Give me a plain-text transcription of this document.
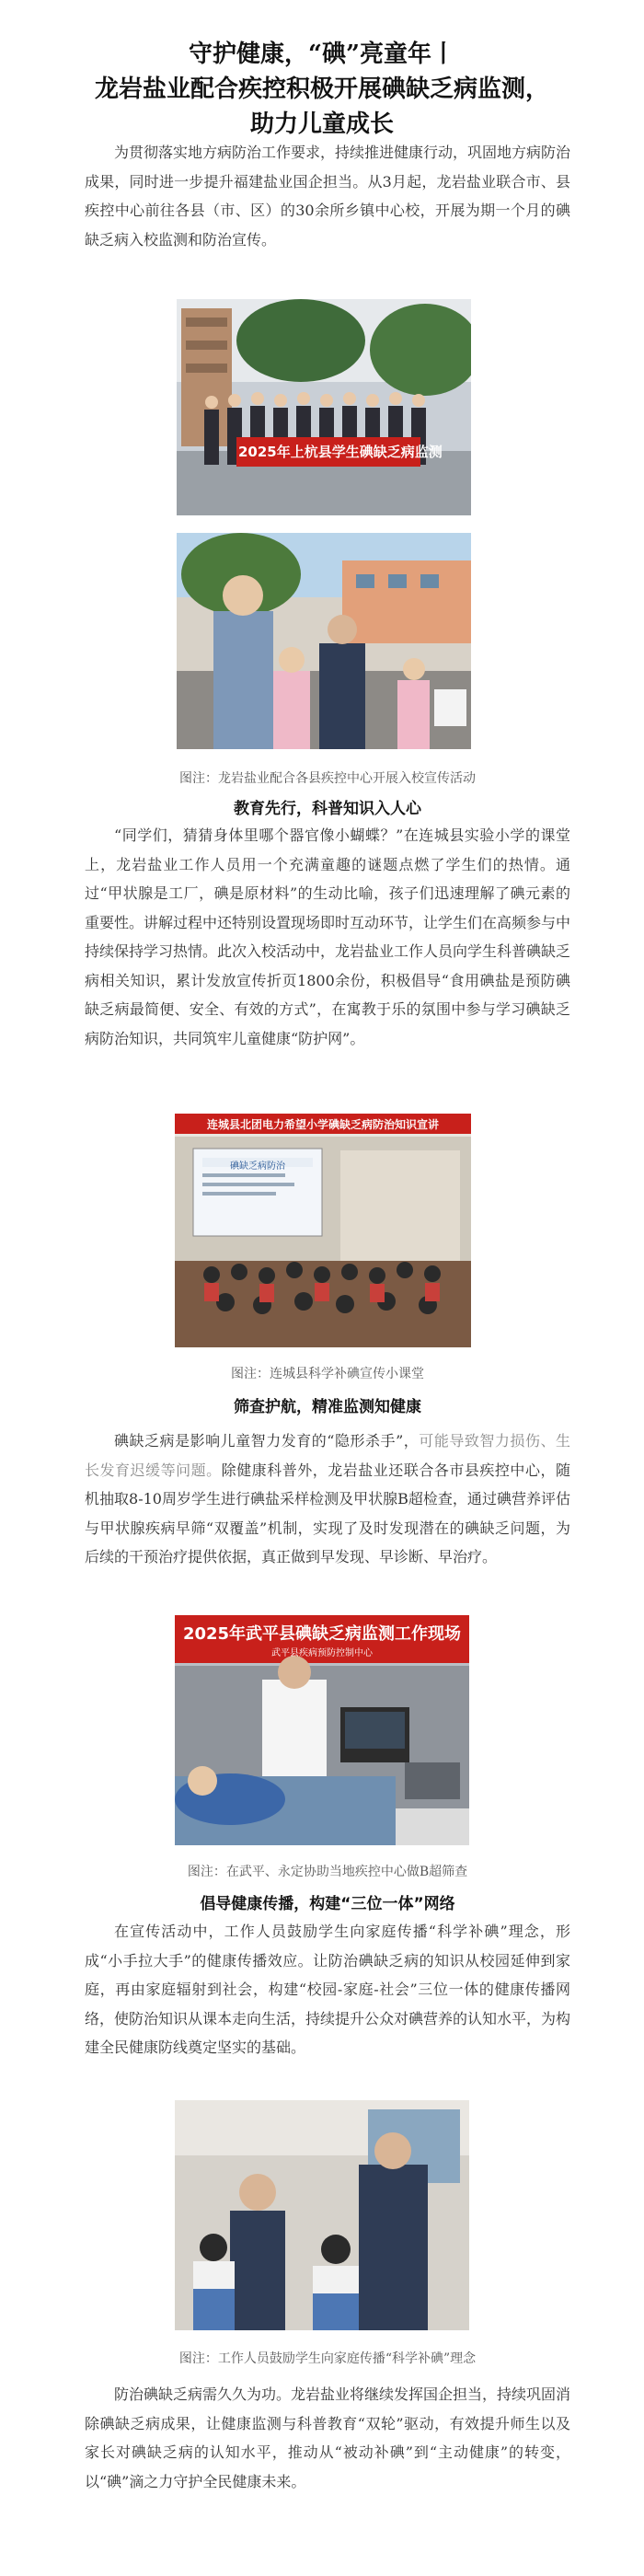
守护健康，“碘”亮童年丨
龙岩盐业配合疾控积极开展碘缺乏病监测，
助力儿童成长

为贯彻落实地方病防治工作要求，持续推进健康行动，巩固地方病防治成果，同时进一步提升福建盐业国企担当。从3月起，龙岩盐业联合市、县疾控中心前往各县（市、区）的30余所乡镇中心校，开展为期一个月的碘缺乏病入校监测和防治宣传。

2025年上杭县学生碘缺乏病监测
图注：龙岩盐业配合各县疾控中心开展入校宣传活动
教育先行，科普知识入人心

“同学们，猜猜身体里哪个器官像小蝴蝶？”在连城县实验小学的课堂上，龙岩盐业工作人员用一个充满童趣的谜题点燃了学生们的热情。通过“甲状腺是工厂，碘是原材料”的生动比喻，孩子们迅速理解了碘元素的重要性。讲解过程中还特别设置现场即时互动环节，让学生们在高频参与中持续保持学习热情。此次入校活动中，龙岩盐业工作人员向学生科普碘缺乏病相关知识，累计发放宣传折页1800余份，积极倡导“食用碘盐是预防碘缺乏病最简便、安全、有效的方式”，在寓教于乐的氛围中参与学习碘缺乏病防治知识，共同筑牢儿童健康“防护网”。

连城县北团电力希望小学碘缺乏病防治知识宣讲
碘缺乏病防治
图注：连城县科学补碘宣传小课堂
筛查护航，精准监测知健康

碘缺乏病是影响儿童智力发育的“隐形杀手”，可能导致智力损伤、生长发育迟缓等问题。除健康科普外，龙岩盐业还联合各市县疾控中心，随机抽取8-10周岁学生进行碘盐采样检测及甲状腺B超检查，通过碘营养评估与甲状腺疾病早筛“双覆盖”机制，实现了及时发现潜在的碘缺乏问题，为后续的干预治疗提供依据，真正做到早发现、早诊断、早治疗。

2025年武平县碘缺乏病监测工作现场
武平县疾病预防控制中心
图注：在武平、永定协助当地疾控中心做B超筛查
倡导健康传播，构建“三位一体”网络

在宣传活动中，工作人员鼓励学生向家庭传播“科学补碘”理念，形成“小手拉大手”的健康传播效应。让防治碘缺乏病的知识从校园延伸到家庭，再由家庭辐射到社会，构建“校园-家庭-社会”三位一体的健康传播网络，使防治知识从课本走向生活，持续提升公众对碘营养的认知水平，为构建全民健康防线奠定坚实的基础。

图注：工作人员鼓励学生向家庭传播“科学补碘”理念

防治碘缺乏病需久久为功。龙岩盐业将继续发挥国企担当，持续巩固消除碘缺乏病成果，让健康监测与科普教育“双轮”驱动，有效提升师生以及家长对碘缺乏病的认知水平，推动从“被动补碘”到“主动健康”的转变，以“碘”滴之力守护全民健康未来。
